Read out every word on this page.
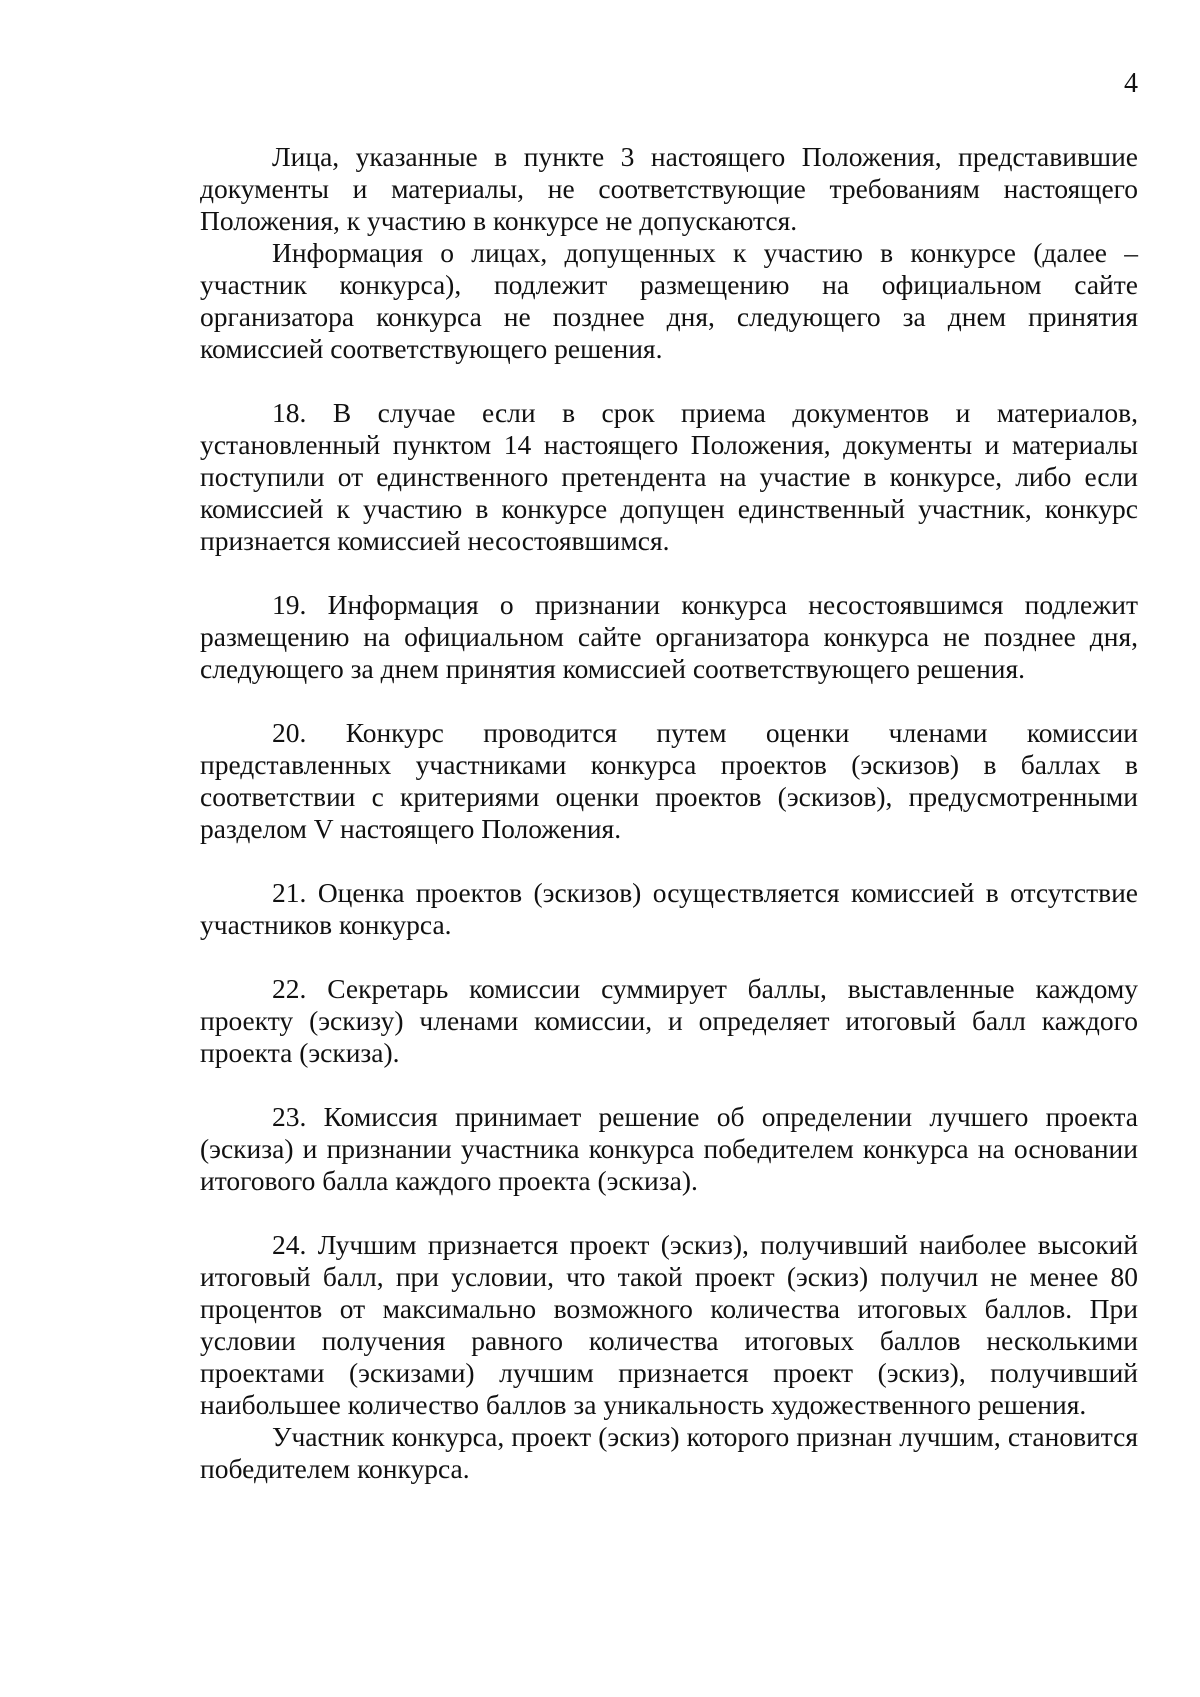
4

Лица, указанные в пункте 3 настоящего Положения, представившие документы и материалы, не соответствующие требованиям настоящего Положения, к участию в конкурсе не допускаются.

Информация о лицах, допущенных к участию в конкурсе (далее – участник конкурса), подлежит размещению на официальном сайте организатора конкурса не позднее дня, следующего за днем принятия комиссией соответствующего решения.

18. В случае если в срок приема документов и материалов, установленный пунктом 14 настоящего Положения, документы и материалы поступили от единственного претендента на участие в конкурсе, либо если комиссией к участию в конкурсе допущен единственный участник, конкурс признается комиссией несостоявшимся.

19. Информация о признании конкурса несостоявшимся подлежит размещению на официальном сайте организатора конкурса не позднее дня, следующего за днем принятия комиссией соответствующего решения.

20. Конкурс проводится путем оценки членами комиссии представленных участниками конкурса проектов (эскизов) в баллах в соответствии с критериями оценки проектов (эскизов), предусмотренными разделом V настоящего Положения.

21. Оценка проектов (эскизов) осуществляется комиссией в отсутствие участников конкурса.

22. Секретарь комиссии суммирует баллы, выставленные каждому проекту (эскизу) членами комиссии, и определяет итоговый балл каждого проекта (эскиза).

23. Комиссия принимает решение об определении лучшего проекта (эскиза) и признании участника конкурса победителем конкурса на основании итогового балла каждого проекта (эскиза).

24. Лучшим признается проект (эскиз), получивший наиболее высокий итоговый балл, при условии, что такой проект (эскиз) получил не менее 80 процентов от максимально возможного количества итоговых баллов. При условии получения равного количества итоговых баллов несколькими проектами (эскизами) лучшим признается проект (эскиз), получивший наибольшее количество баллов за уникальность художественного решения.

Участник конкурса, проект (эскиз) которого признан лучшим, становится победителем конкурса.
